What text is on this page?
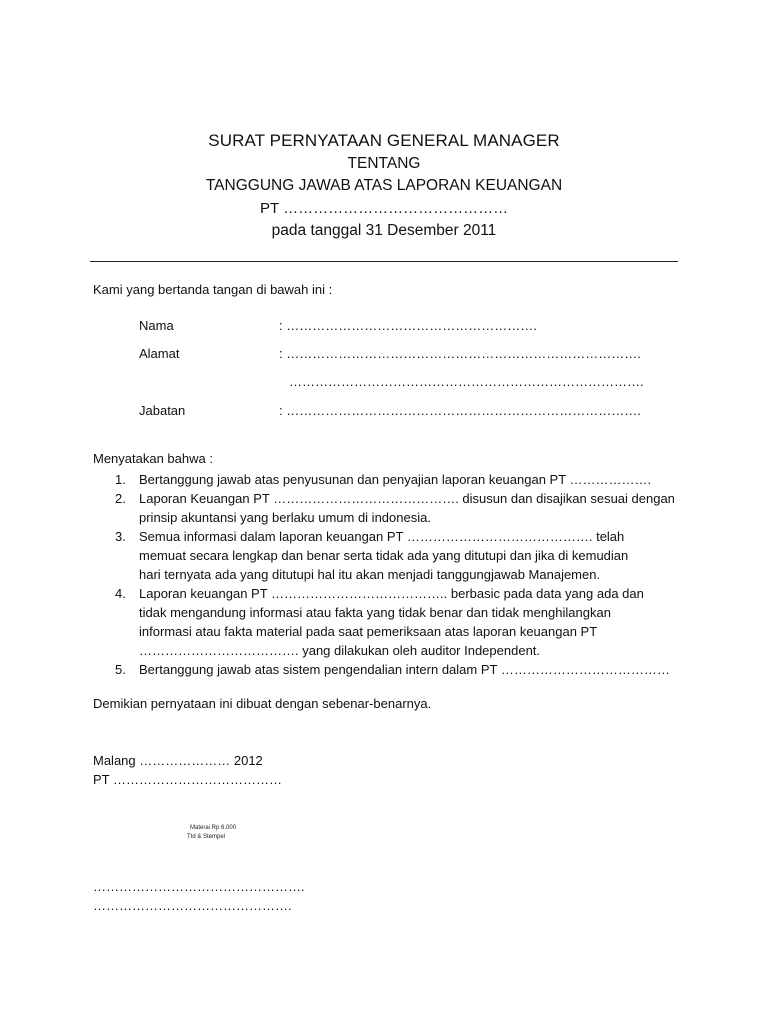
SURAT PERNYATAAN GENERAL MANAGER
TENTANG
TANGGUNG JAWAB ATAS LAPORAN KEUANGAN
PT ………………………………………
pada tanggal 31 Desember 2011
Kami yang bertanda tangan di bawah ini :
Nama	: ………………………………………………….
Alamat	: ……………………………………………………………………….
……………………………………………………………………….
Jabatan	: ……………………………………………………………………….
Menyatakan bahwa :
1. Bertanggung jawab atas penyusunan dan penyajian laporan keuangan PT ……………….
2. Laporan Keuangan PT ……………………………………. disusun dan disajikan sesuai dengan
prinsip akuntansi yang berlaku umum di indonesia.
3. Semua informasi dalam laporan keuangan PT ……………………………………. telah
memuat secara lengkap dan benar serta tidak ada yang ditutupi dan jika di kemudian
hari ternyata ada yang ditutupi hal itu akan menjadi tanggungjawab Manajemen.
4. Laporan keuangan PT ………………………………….. berbasic pada data yang ada dan
tidak mengandung informasi atau fakta yang tidak benar dan tidak menghilangkan
informasi atau fakta material pada saat pemeriksaan atas laporan keuangan PT
………………………………. yang dilakukan oleh auditor Independent.
5. Bertanggung jawab atas sistem pengendalian intern dalam PT …………………………………
Demikian pernyataan ini dibuat dengan sebenar-benarnya.
Malang ………………… 2012
PT …………………………………
Materai Rp 6.000
Ttd & Stempel
………………………………………….
……………………………………….
